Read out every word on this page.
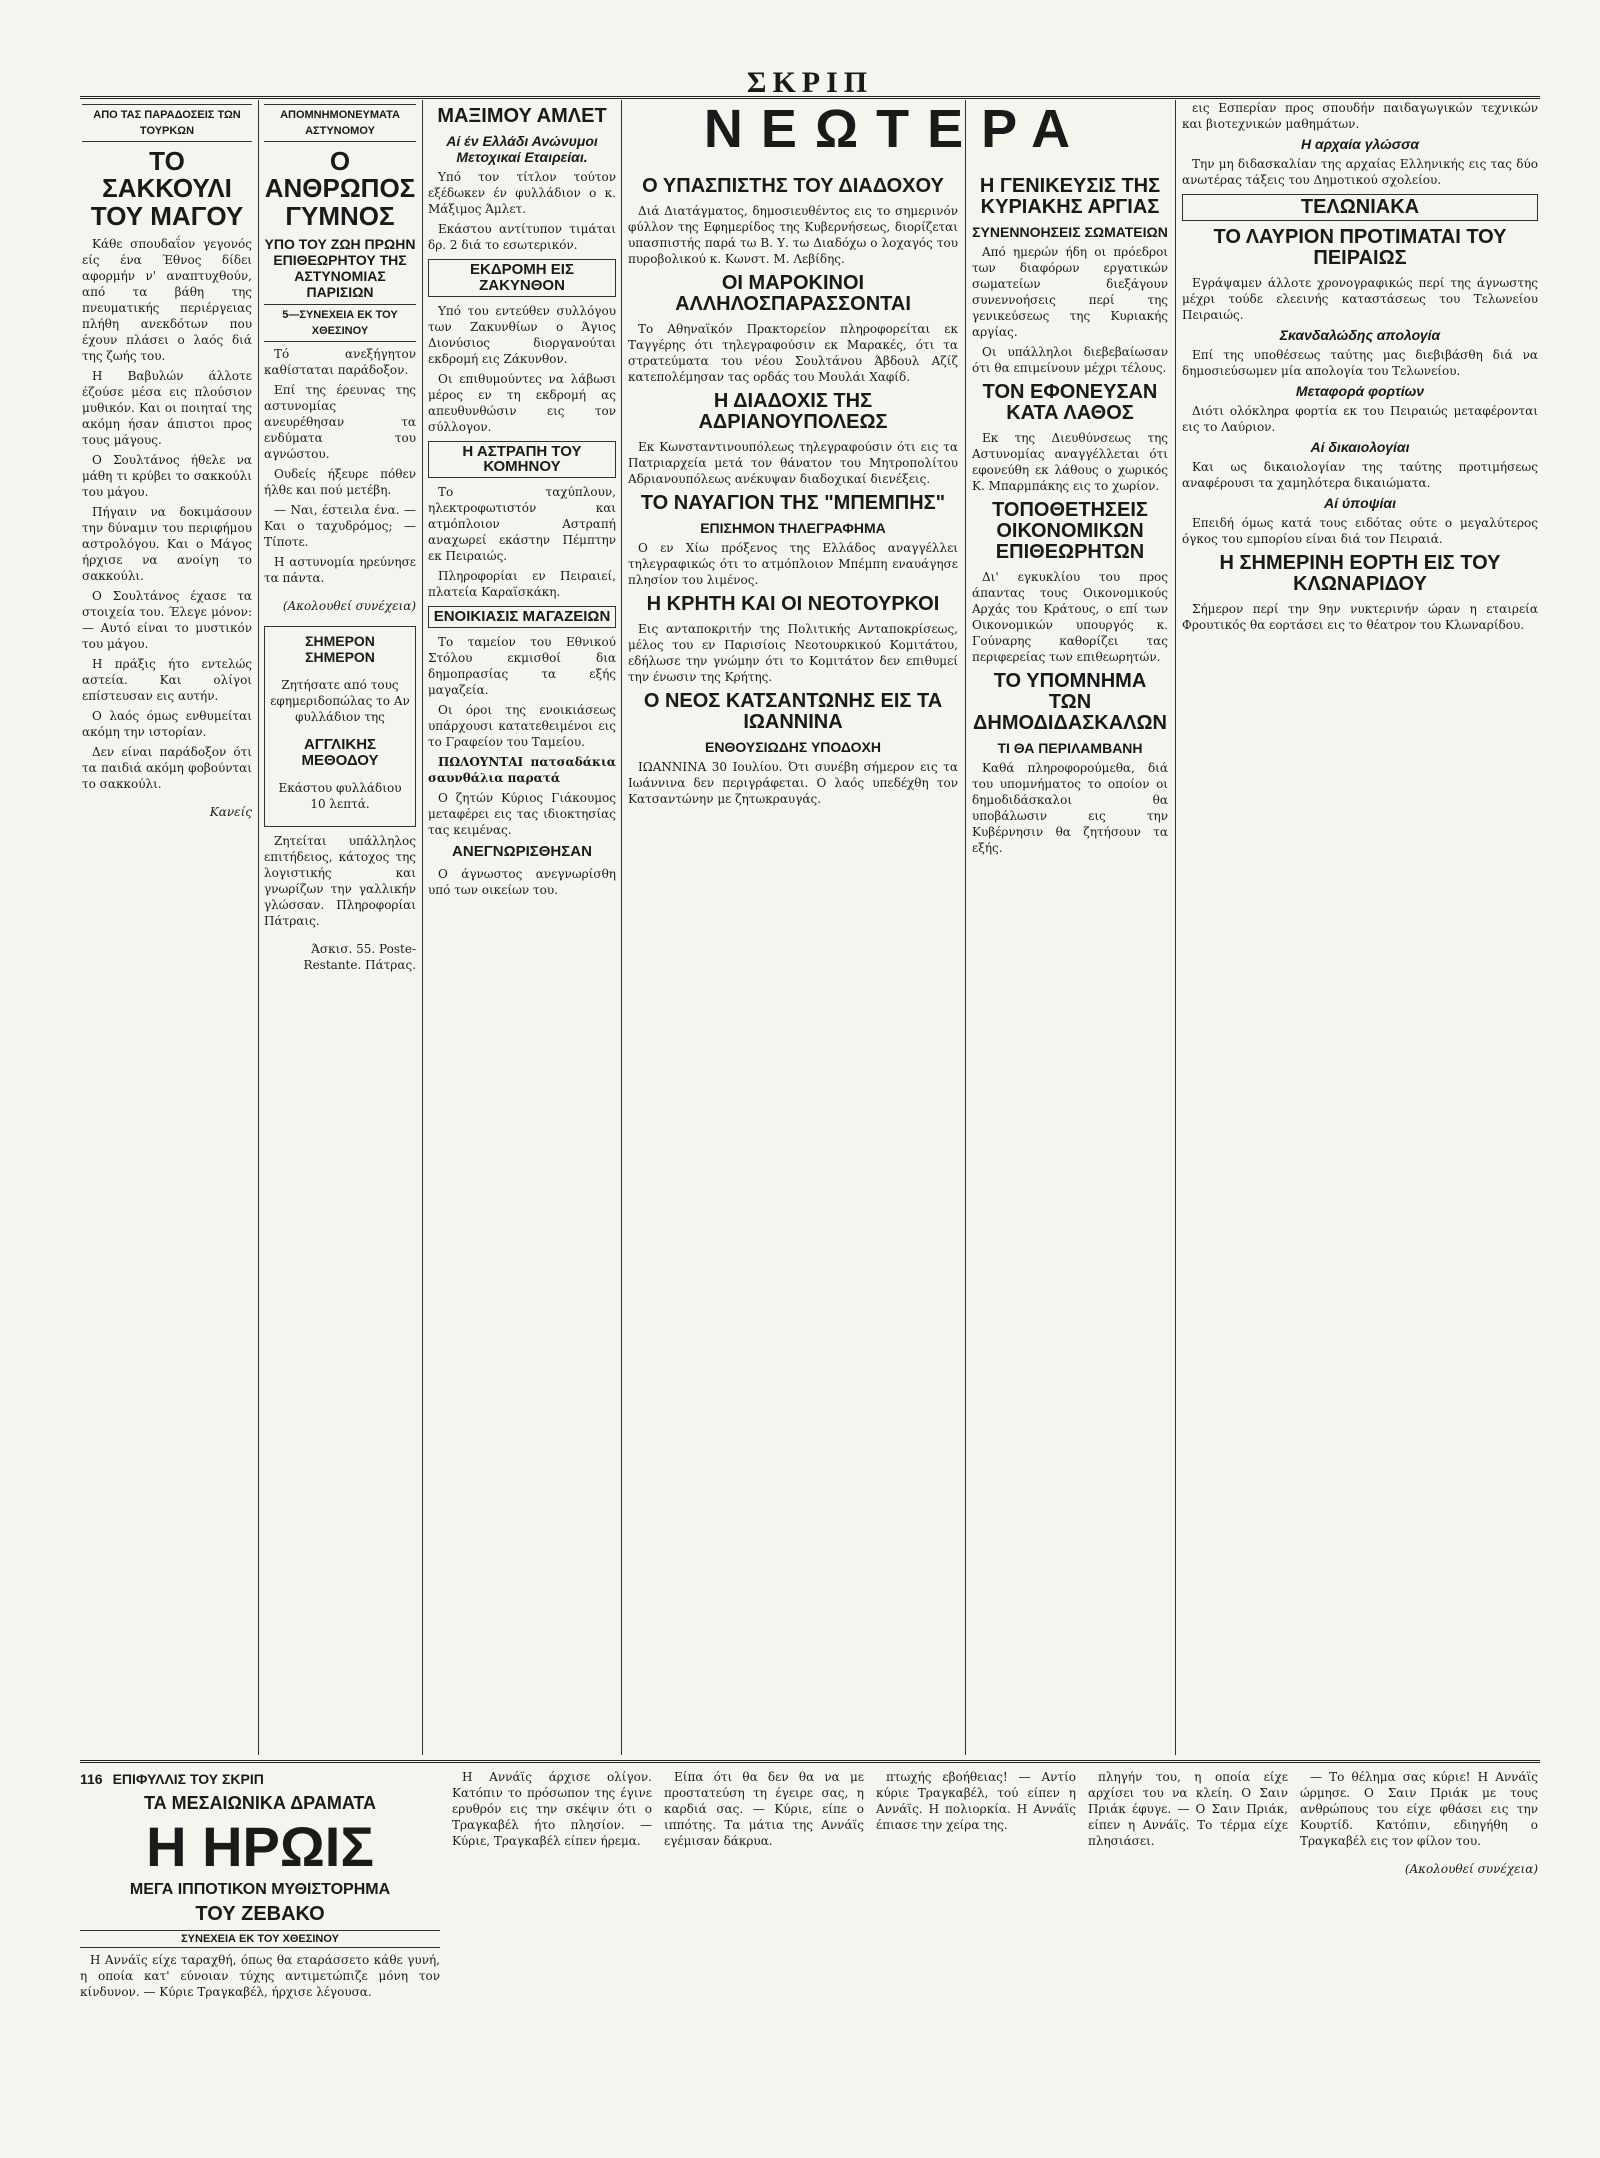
ΣΚΡΙΠ
ΑΠΟ ΤΑΣ ΠΑΡΑΔΟΣΕΙΣ ΤΩΝ ΤΟΥΡΚΩΝ
ΤΟ ΣΑΚΚΟΥΛΙ ΤΟΥ ΜΑΓΟΥ

Κάθε σπουδαΐον γεγονός είς ένα Έθνος δίδει αφορμήν ν' αναπτυχθούν, από τα βάθη της πνευματικής περιέργειας πλήθη ανεκδότων που έχουν πλάσει ο λαός διά της ζωής του.

Η Βαβυλών άλλοτε έζούσε μέσα εις πλούσιον μυθικόν. Και οι ποιηταί της ακόμη ήσαν άπιστοι προς τους μάγους.

Ο Σουλτάνος ήθελε να μάθη τι κρύβει το σακκούλι του μάγου.

Πήγαιν να δοκιμάσουν την δύναμιν του περιφήμου αστρολόγου. Και ο Μάγος ήρχισε να ανοίγη το σακκούλι.

Ο Σουλτάνος έχασε τα στοιχεία του. Έλεγε μόνον: — Αυτό είναι το μυστικόν του μάγου.

Η πράξις ήτο εντελώς αστεία. Και ολίγοι επίστευσαν εις αυτήν.

Ο λαός όμως ενθυμείται ακόμη την ιστορίαν.

Δεν είναι παράδοξον ότι τα παιδιά ακόμη φοβούνται το σακκούλι.

Κανείς

ΑΠΟΜΝΗΜΟΝΕΥΜΑΤΑ ΑΣΤΥΝΟΜΟΥ
Ο ΑΝΘΡΩΠΟΣ ΓΥΜΝΟΣ
ΥΠΟ ΤΟΥ ΖΩΗ ΠΡΩΗΝ ΕΠΙΘΕΩΡΗΤΟΥ ΤΗΣ ΑΣΤΥΝΟΜΙΑΣ ΠΑΡΙΣΙΩΝ
5—ΣΥΝΕΧΕΙΑ ΕΚ ΤΟΥ ΧΘΕΣΙΝΟΥ

Τό ανεξήγητον καθίσταται παράδοξον.

Επί της έρευνας της αστυνομίας ανευρέθησαν τα ενδύματα του αγνώστου.

Ουδείς ήξευρε πόθεν ήλθε και πού μετέβη.

— Ναι, έστειλα ένα. — Και ο ταχυδρόμος; — Τίποτε.

Η αστυνομία ηρεύνησε τα πάντα.

(Ακολουθεί συνέχεια)

ΣΗΜΕΡΟΝ ΣΗΜΕΡΟΝ

Ζητήσατε από τους εφημεριδοπώλας το Αν φυλλάδιον της

ΑΓΓΛΙΚΗΣ ΜΕΘΟΔΟΥ

Εκάστου φυλλάδιου 10 λεπτά.

Ζητείται υπάλληλος επιτήδειος, κάτοχος της λογιστικής και γνωρίζων την γαλλικήν γλώσσαν. Πληροφορίαι Πάτραις.

Άσκισ. 55. Poste-Restante. Πάτρας.

ΜΑΞΙΜΟΥ ΑΜΛΕΤ
Αί έν Ελλάδι Ανώνυμοι Μετοχικαί Εταιρείαι.

Υπό τον τίτλον τούτον εξέδωκεν έν φυλλάδιον ο κ. Μάξιμος Άμλετ.

Εκάστου αντίτυπον τιμάται δρ. 2 διά το εσωτερικόν.

ΕΚΔΡΟΜΗ ΕΙΣ ΖΑΚΥΝΘΟΝ

Υπό του εντεύθεν συλλόγου των Ζακυνθίων ο Άγιος Διονύσιος διοργανούται εκδρομή εις Ζάκυνθον.

Οι επιθυμούντες να λάβωσι μέρος εν τη εκδρομή ας απευθυνθώσιν εις τον σύλλογον.

Η ΑΣΤΡΑΠΗ ΤΟΥ ΚΟΜΗΝΟΥ

Το ταχύπλουν, ηλεκτροφωτιστόν και ατμόπλοιον Αστραπή αναχωρεί εκάστην Πέμπτην εκ Πειραιώς.

Πληροφορίαι εν Πειραιεί, πλατεία Καραϊσκάκη.

ΕΝΟΙΚΙΑΣΙΣ ΜΑΓΑΖΕΙΩΝ

Το ταμείον του Εθνικού Στόλου εκμισθοί δια δημοπρασίας τα εξής μαγαζεία.

Οι όροι της ενοικιάσεως υπάρχουσι κατατεθειμένοι εις το Γραφείον του Ταμείου.

ΠΩΛΟΥΝΤΑΙ πατσαδάκια σαυνθάλια παρατά

Ο ζητών Κύριος Γιάκουμος μεταφέρει εις τας ιδιοκτησίας τας κειμένας.

ΑΝΕΓΝΩΡΙΣΘΗΣΑΝ

Ο άγνωστος ανεγνωρίσθη υπό των οικείων του.

ΝΕΩΤΕΡΑ
Ο ΥΠΑΣΠΙΣΤΗΣ ΤΟΥ ΔΙΑΔΟΧΟΥ

Διά Διατάγματος, δημοσιευθέντος εις το σημερινόν φύλλον της Εφημερίδος της Κυβερνήσεως, διορίζεται υπασπιστής παρά τω Β. Υ. τω Διαδόχω ο λοχαγός του πυροβολικού κ. Κωνστ. Μ. Λεβίδης.

ΟΙ ΜΑΡΟΚΙΝΟΙ ΑΛΛΗΛΟΣΠΑΡΑΣΣΟΝΤΑΙ

Το Αθηναϊκόν Πρακτορείον πληροφορείται εκ Ταγγέρης ότι τηλεγραφούσιν εκ Μαρακές, ότι τα στρατεύματα του νέου Σουλτάνου Άβδουλ Αζίζ κατεπολέμησαν τας ορδάς του Μουλάι Χαφίδ.

Η ΔΙΑΔΟΧΙΣ ΤΗΣ ΑΔΡΙΑΝΟΥΠΟΛΕΩΣ

Εκ Κωνσταντινουπόλεως τηλεγραφούσιν ότι εις τα Πατριαρχεία μετά τον θάνατον του Μητροπολίτου Αδριανουπόλεως ανέκυψαν διαδοχικαί διενέξεις.

ΤΟ ΝΑΥΑΓΙΟΝ ΤΗΣ "ΜΠΕΜΠΗΣ"
ΕΠΙΣΗΜΟΝ ΤΗΛΕΓΡΑΦΗΜΑ

Ο εν Χίω πρόξενος της Ελλάδος αναγγέλλει τηλεγραφικώς ότι το ατμόπλοιον Μπέμπη εναυάγησε πλησίον του λιμένος.

Η ΚΡΗΤΗ ΚΑΙ ΟΙ ΝΕΟΤΟΥΡΚΟΙ

Εις ανταποκριτήν της Πολιτικής Ανταποκρίσεως, μέλος του εν Παρισίοις Νεοτουρκικού Κομιτάτου, εδήλωσε την γνώμην ότι το Κομιτάτον δεν επιθυμεί την ένωσιν της Κρήτης.

Ο ΝΕΟΣ ΚΑΤΣΑΝΤΩΝΗΣ ΕΙΣ ΤΑ ΙΩΑΝΝΙΝΑ
ΕΝΘΟΥΣΙΩΔΗΣ ΥΠΟΔΟΧΗ

ΙΩΑΝΝΙΝΑ 30 Ιουλίου. Ότι συνέβη σήμερον εις τα Ιωάννινα δεν περιγράφεται. Ο λαός υπεδέχθη τον Κατσαντώνην με ζητωκραυγάς.

Η ΓΕΝΙΚΕΥΣΙΣ ΤΗΣ ΚΥΡΙΑΚΗΣ ΑΡΓΙΑΣ
ΣΥΝΕΝΝΟΗΣΕΙΣ ΣΩΜΑΤΕΙΩΝ

Από ημερών ήδη οι πρόεδροι των διαφόρων εργατικών σωματείων διεξάγουν συνεννοήσεις περί της γενικεύσεως της Κυριακής αργίας.

Οι υπάλληλοι διεβεβαίωσαν ότι θα επιμείνουν μέχρι τέλους.

ΤΟΝ ΕΦΟΝΕΥΣΑΝ ΚΑΤΑ ΛΑΘΟΣ

Εκ της Διευθύνσεως της Αστυνομίας αναγγέλλεται ότι εφονεύθη εκ λάθους ο χωρικός Κ. Μπαρμπάκης εις το χωρίον.

ΤΟΠΟΘΕΤΗΣΕΙΣ ΟΙΚΟΝΟΜΙΚΩΝ ΕΠΙΘΕΩΡΗΤΩΝ

Δι' εγκυκλίου του προς άπαντας τους Οικονομικούς Αρχάς του Κράτους, ο επί των Οικονομικών υπουργός κ. Γούναρης καθορίζει τας περιφερείας των επιθεωρητών.

ΤΟ ΥΠΟΜΝΗΜΑ ΤΩΝ ΔΗΜΟΔΙΔΑΣΚΑΛΩΝ
ΤΙ ΘΑ ΠΕΡΙΛΑΜΒΑΝΗ

Καθά πληροφορούμεθα, διά του υπομνήματος το οποίον οι δημοδιδάσκαλοι θα υποβάλωσιν εις την Κυβέρνησιν θα ζητήσουν τα εξής.

εις Εσπερίαν προς σπουδήν παιδαγωγικών τεχνικών και βιοτεχνικών μαθημάτων.

Η αρχαία γλώσσα

Την μη διδασκαλίαν της αρχαίας Ελληνικής εις τας δύο ανωτέρας τάξεις του Δημοτικού σχολείου.

ΤΕΛΩΝΙΑΚΑ
ΤΟ ΛΑΥΡΙΟΝ ΠΡΟΤΙΜΑΤΑΙ ΤΟΥ ΠΕΙΡΑΙΩΣ

Εγράψαμεν άλλοτε χρονογραφικώς περί της άγνωστης μέχρι τούδε ελεεινής καταστάσεως του Τελωνείου Πειραιώς.

Σκανδαλώδης απολογία

Επί της υποθέσεως ταύτης μας διεβιβάσθη διά να δημοσιεύσωμεν μία απολογία του Τελωνείου.

Μεταφορά φορτίων

Διότι ολόκληρα φορτία εκ του Πειραιώς μεταφέρονται εις το Λαύριον.

Αί δικαιολογίαι

Και ως δικαιολογίαν της ταύτης προτιμήσεως αναφέρουσι τα χαμηλότερα δικαιώματα.

Αί ύποψίαι

Επειδή όμως κατά τους ειδότας ούτε ο μεγαλύτερος όγκος του εμπορίου είναι διά τον Πειραιά.

Η ΣΗΜΕΡΙΝΗ ΕΟΡΤΗ ΕΙΣ ΤΟΥ ΚΛΩΝΑΡΙΔΟΥ

Σήμερον περί την 9ην νυκτερινήν ώραν η εταιρεία Φρουτικός θα εορτάσει εις το θέατρον του Κλωναρίδου.

116 ΕΠΙΦΥΛΛΙΣ ΤΟΥ ΣΚΡΙΠ
ΤΑ ΜΕΣΑΙΩΝΙΚΑ ΔΡΑΜΑΤΑ
Η ΗΡΩΙΣ
ΜΕΓΑ ΙΠΠΟΤΙΚΟΝ ΜΥΘΙΣΤΟΡΗΜΑ
ΤΟΥ ΖΕΒΑΚΟ
ΣΥΝΕΧΕΙΑ ΕΚ ΤΟΥ ΧΘΕΣΙΝΟΥ

Η Αννάϊς είχε ταραχθή, όπως θα εταράσσετο κάθε γυνή, η οποία κατ' εύνοιαν τύχης αντιμετώπιζε μόνη τον κίνδυνον. — Κύριε Τραγκαβέλ, ήρχισε λέγουσα.

Η Αννάϊς άρχισε ολίγον. Κατόπιν το πρόσωπον της έγινε ερυθρόν εις την σκέψιν ότι ο Τραγκαβέλ ήτο πλησίον. — Κύριε, Τραγκαβέλ είπεν ήρεμα.

Είπα ότι θα δεν θα να με προστατεύση τη έγειρε σας, η καρδιά σας. — Κύριε, είπε ο ιππότης. Τα μάτια της Αννάϊς εγέμισαν δάκρυα.

πτωχής εβοήθειας! — Αντίο κύριε Τραγκαβέλ, τού είπεν η Αννάϊς. Η πολιορκία. Η Αννάϊς έπιασε την χείρα της.

πληγήν του, η οποία είχε αρχίσει του να κλείη. Ο Σαιν Πριάκ έφυγε. — Ο Σαιν Πριάκ, είπεν η Αννάϊς. Το τέρμα είχε πλησιάσει.

— Το θέλημα σας κύριε! Η Αννάϊς ώρμησε. Ο Σαιν Πριάκ με τους ανθρώπους του είχε φθάσει εις την Κουρτίδ. Κατόπιν, εδιηγήθη ο Τραγκαβέλ εις τον φίλον του.

(Ακολουθεί συνέχεια)
